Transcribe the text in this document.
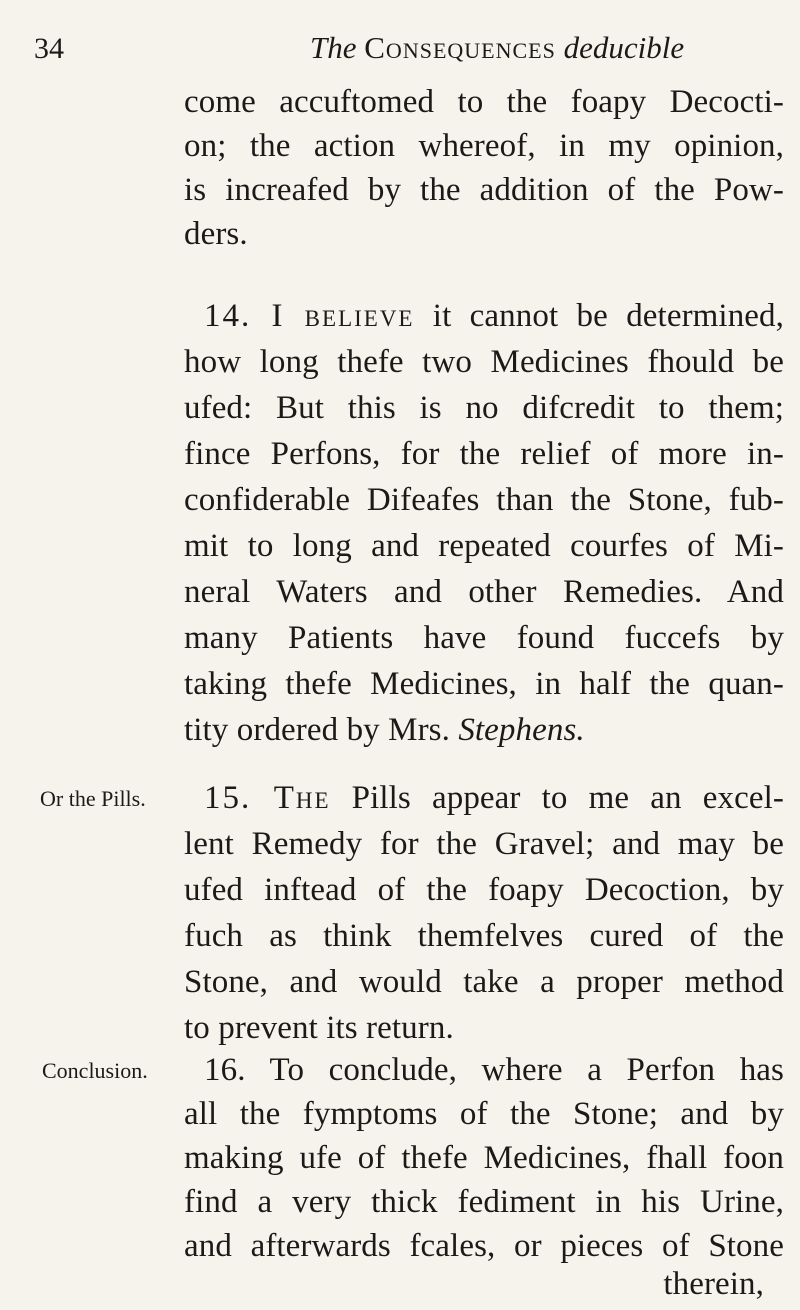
34	The Consequences deducible
come accuftomed to the foapy Decocti-
on; the action whereof, in my opinion,
is increafed by the addition of the Pow-
ders.
14. I believe it cannot be determined,
how long thefe two Medicines fhould be
ufed: But this is no difcredit to them;
fince Perfons, for the relief of more in-
confiderable Difeafes than the Stone, fub-
mit to long and repeated courfes of Mi-
neral Waters and other Remedies. And
many Patients have found fuccefs by
taking thefe Medicines, in half the quan-
tity ordered by Mrs. Stephens.
Or the Pills. 15. The Pills appear to me an excel-
lent Remedy for the Gravel; and may be
ufed inftead of the foapy Decoction, by
fuch as think themfelves cured of the
Stone, and would take a proper method
to prevent its return.
Conclusion. 16. To conclude, where a Perfon has
all the fymptoms of the Stone; and by
making ufe of thefe Medicines, fhall foon
find a very thick fediment in his Urine,
and afterwards fcales, or pieces of Stone
therein,
